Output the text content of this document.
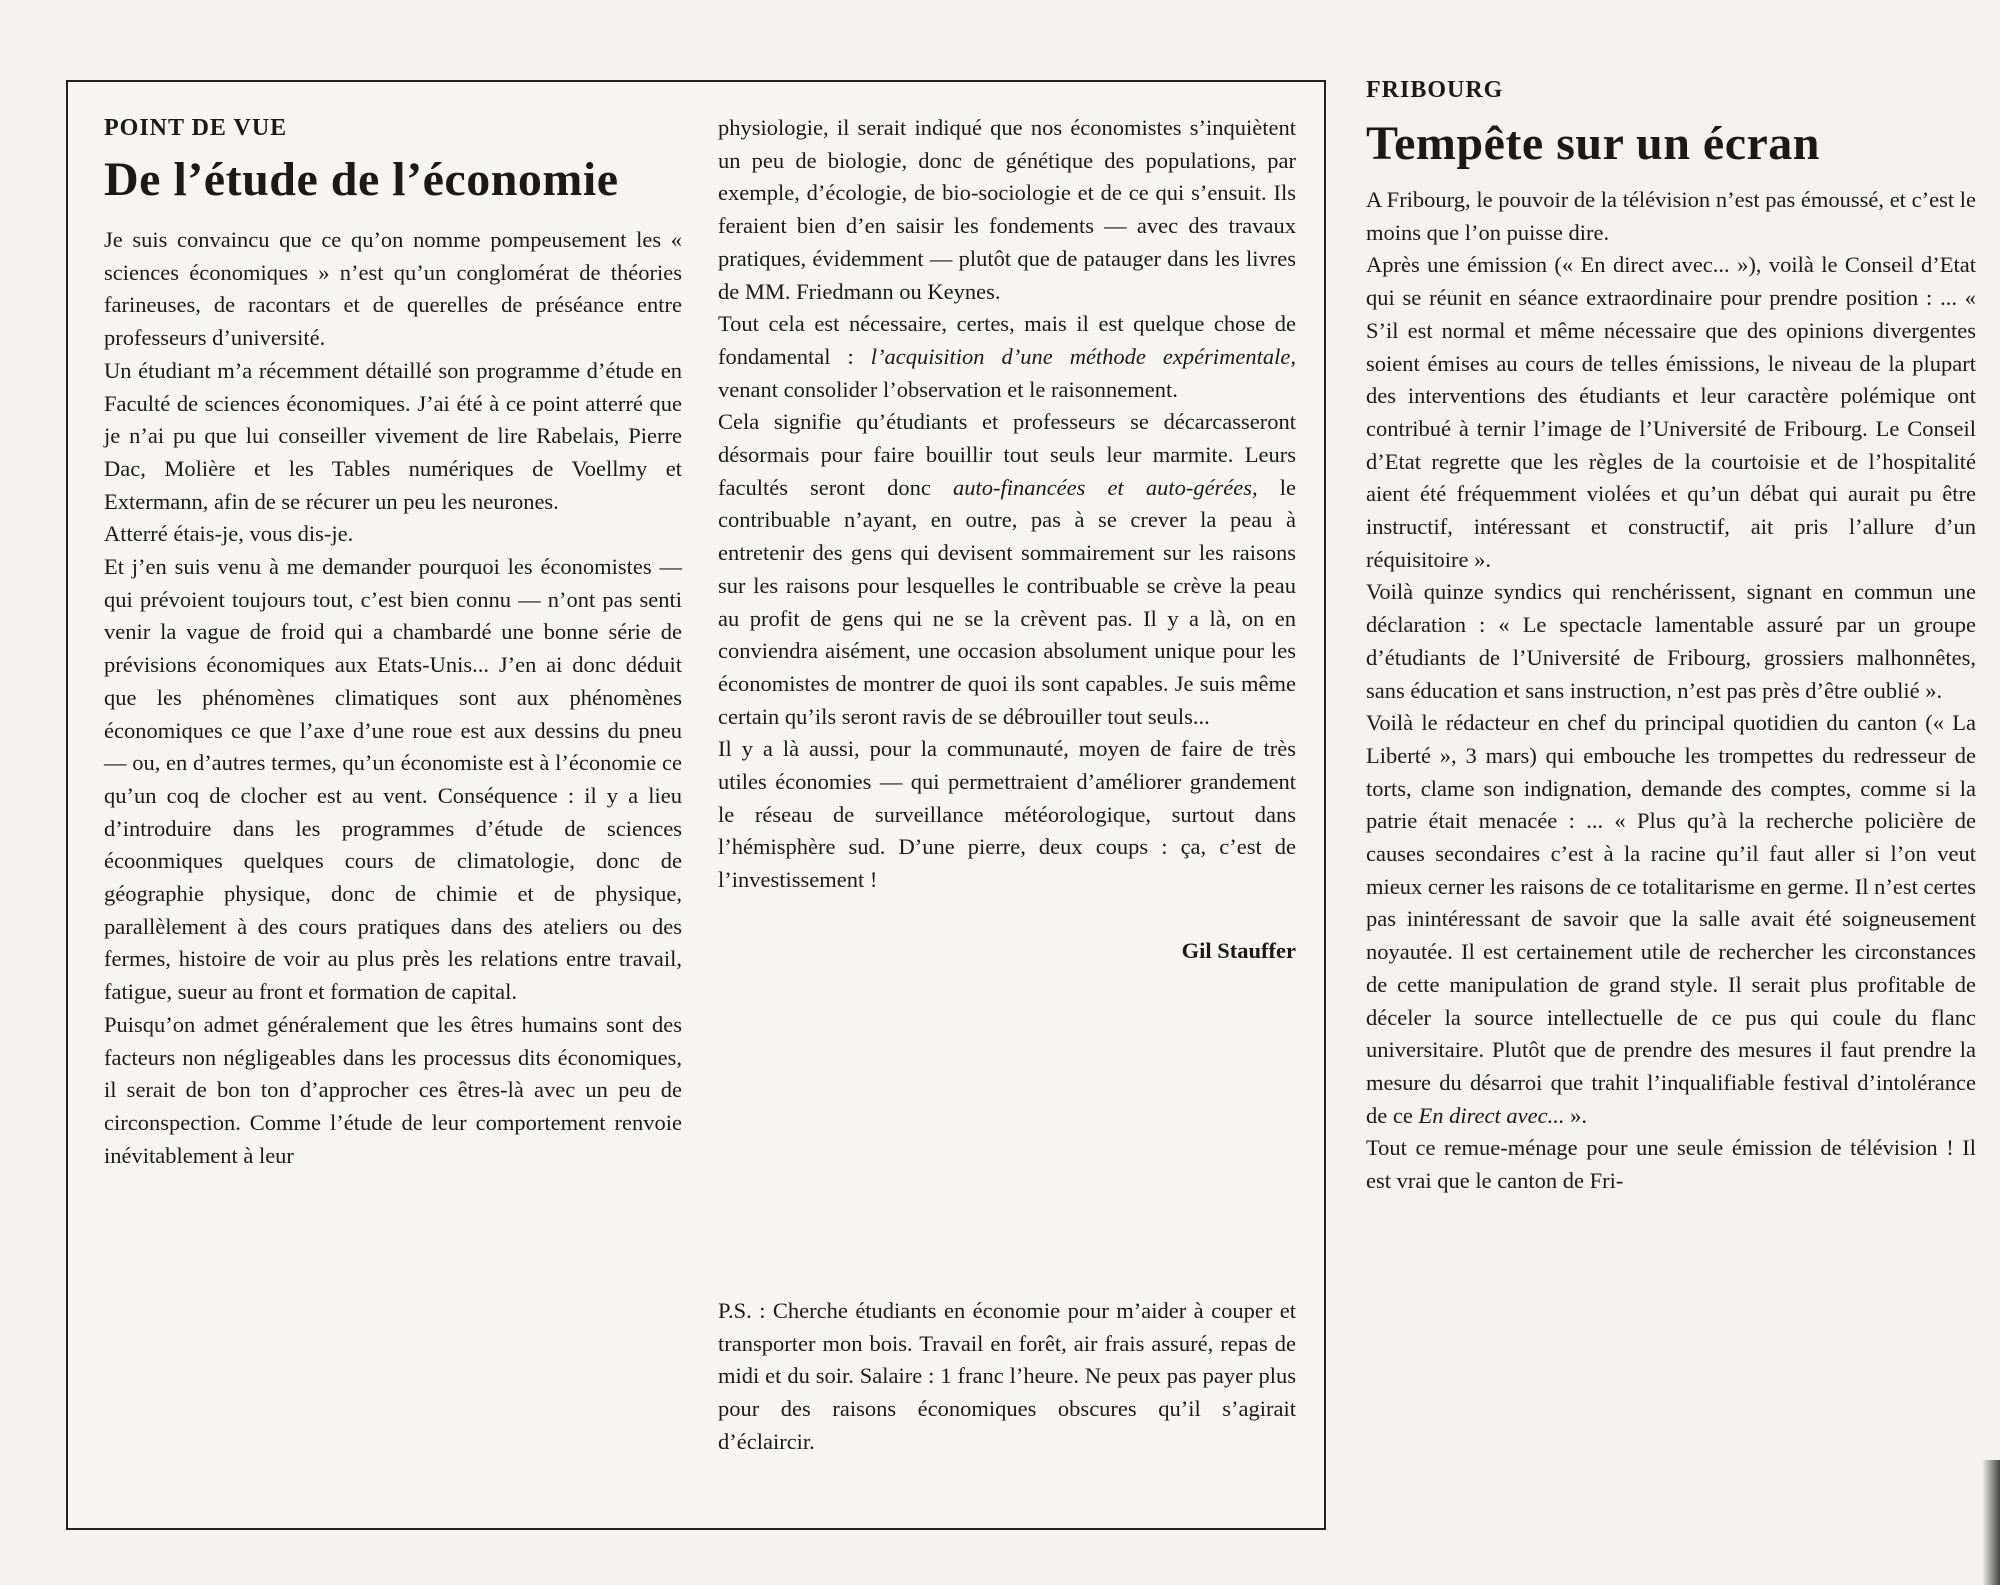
POINT DE VUE
De l’étude de l’économie

Je suis convaincu que ce qu’on nomme pompeusement les « sciences économiques » n’est qu’un conglomérat de théories farineuses, de racontars et de querelles de préséance entre professeurs d’université.

Un étudiant m’a récemment détaillé son programme d’étude en Faculté de sciences économiques. J’ai été à ce point atterré que je n’ai pu que lui conseiller vivement de lire Rabelais, Pierre Dac, Molière et les Tables numériques de Voellmy et Extermann, afin de se récurer un peu les neurones.

Atterré étais-je, vous dis-je.

Et j’en suis venu à me demander pourquoi les économistes — qui prévoient toujours tout, c’est bien connu — n’ont pas senti venir la vague de froid qui a chambardé une bonne série de prévisions économiques aux Etats-Unis... J’en ai donc déduit que les phénomènes climatiques sont aux phénomènes économiques ce que l’axe d’une roue est aux dessins du pneu — ou, en d’autres termes, qu’un économiste est à l’économie ce qu’un coq de clocher est au vent. Conséquence : il y a lieu d’introduire dans les programmes d’étude de sciences écoonmiques quelques cours de climatologie, donc de géographie physique, donc de chimie et de physique, parallèlement à des cours pratiques dans des ateliers ou des fermes, histoire de voir au plus près les relations entre travail, fatigue, sueur au front et formation de capital.

Puisqu’on admet généralement que les êtres humains sont des facteurs non négligeables dans les processus dits économiques, il serait de bon ton d’approcher ces êtres-là avec un peu de circonspection. Comme l’étude de leur comportement renvoie inévitablement à leur

physiologie, il serait indiqué que nos économistes s’inquiètent un peu de biologie, donc de génétique des populations, par exemple, d’écologie, de bio-sociologie et de ce qui s’ensuit. Ils feraient bien d’en saisir les fondements — avec des travaux pratiques, évidemment — plutôt que de patauger dans les livres de MM. Friedmann ou Keynes.

Tout cela est nécessaire, certes, mais il est quelque chose de fondamental : l’acquisition d’une méthode expérimentale, venant consolider l’observation et le raisonnement.

Cela signifie qu’étudiants et professeurs se décarcasseront désormais pour faire bouillir tout seuls leur marmite. Leurs facultés seront donc auto-financées et auto-gérées, le contribuable n’ayant, en outre, pas à se crever la peau à entretenir des gens qui devisent sommairement sur les raisons sur les raisons pour lesquelles le contribuable se crève la peau au profit de gens qui ne se la crèvent pas. Il y a là, on en conviendra aisément, une occasion absolument unique pour les économistes de montrer de quoi ils sont capables. Je suis même certain qu’ils seront ravis de se débrouiller tout seuls...

Il y a là aussi, pour la communauté, moyen de faire de très utiles économies — qui permettraient d’améliorer grandement le réseau de surveillance météorologique, surtout dans l’hémisphère sud. D’une pierre, deux coups : ça, c’est de l’investissement !

Gil Stauffer

P.S. : Cherche étudiants en économie pour m’aider à couper et transporter mon bois. Travail en forêt, air frais assuré, repas de midi et du soir. Salaire : 1 franc l’heure. Ne peux pas payer plus pour des raisons économiques obscures qu’il s’agirait d’éclaircir.

FRIBOURG
Tempête sur un écran

A Fribourg, le pouvoir de la télévision n’est pas émoussé, et c’est le moins que l’on puisse dire.

Après une émission (« En direct avec... »), voilà le Conseil d’Etat qui se réunit en séance extraordinaire pour prendre position : ... « S’il est normal et même nécessaire que des opinions divergentes soient émises au cours de telles émissions, le niveau de la plupart des interventions des étudiants et leur caractère polémique ont contribué à ternir l’image de l’Université de Fribourg. Le Conseil d’Etat regrette que les règles de la courtoisie et de l’hospitalité aient été fréquemment violées et qu’un débat qui aurait pu être instructif, intéressant et constructif, ait pris l’allure d’un réquisitoire ».

Voilà quinze syndics qui renchérissent, signant en commun une déclaration : « Le spectacle lamentable assuré par un groupe d’étudiants de l’Université de Fribourg, grossiers malhonnêtes, sans éducation et sans instruction, n’est pas près d’être oublié ».

Voilà le rédacteur en chef du principal quotidien du canton (« La Liberté », 3 mars) qui embouche les trompettes du redresseur de torts, clame son indignation, demande des comptes, comme si la patrie était menacée : ... « Plus qu’à la recherche policière de causes secondaires c’est à la racine qu’il faut aller si l’on veut mieux cerner les raisons de ce totalitarisme en germe. Il n’est certes pas inintéressant de savoir que la salle avait été soigneusement noyautée. Il est certainement utile de rechercher les circonstances de cette manipulation de grand style. Il serait plus profitable de déceler la source intellectuelle de ce pus qui coule du flanc universitaire. Plutôt que de prendre des mesures il faut prendre la mesure du désarroi que trahit l’inqualifiable festival d’intolérance de ce En direct avec... ».

Tout ce remue-ménage pour une seule émission de télévision ! Il est vrai que le canton de Fri-
